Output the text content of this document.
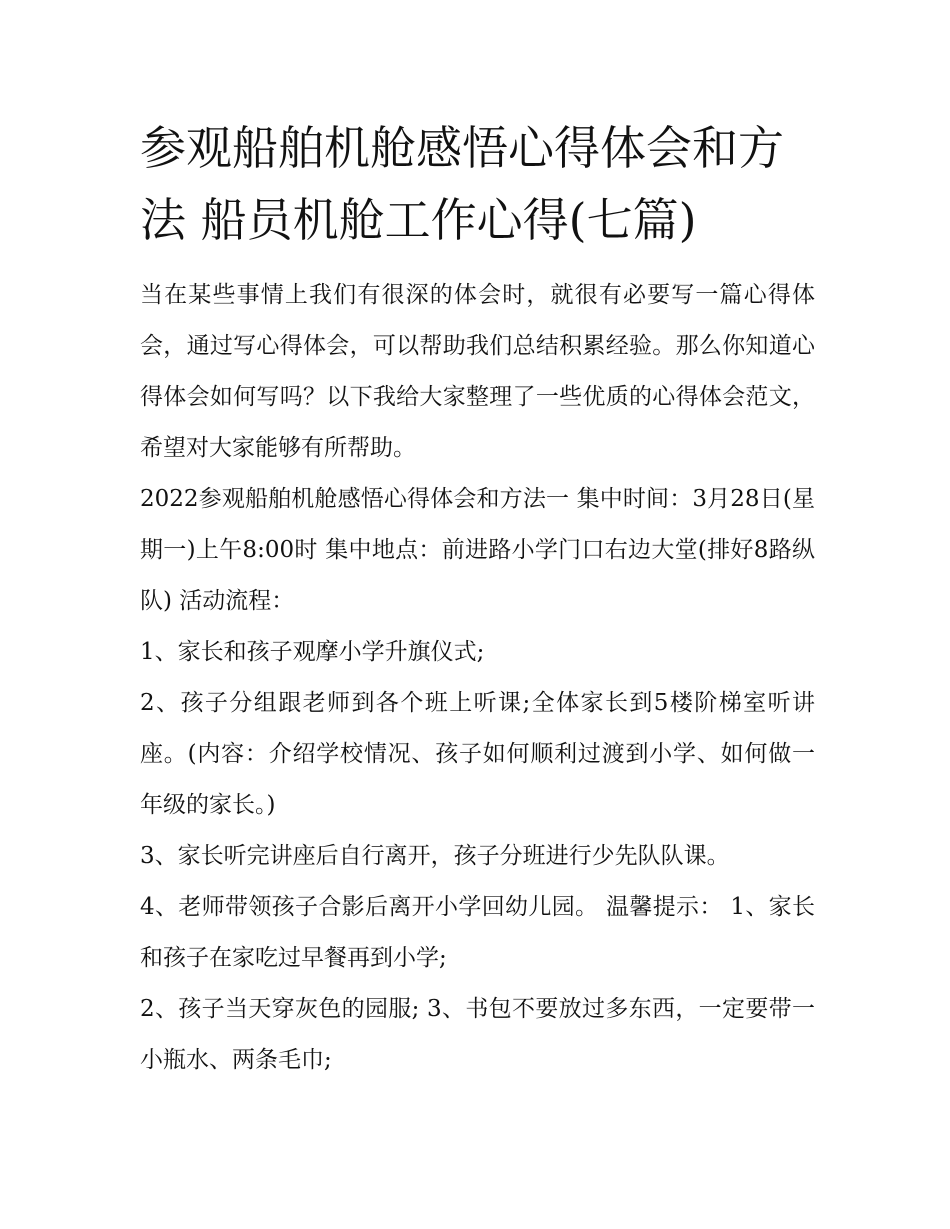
参观船舶机舱感悟心得体会和方法 船员机舱工作心得(七篇)

当在某些事情上我们有很深的体会时，就很有必要写一篇心得体会，通过写心得体会，可以帮助我们总结积累经验。那么你知道心得体会如何写吗？以下我给大家整理了一些优质的心得体会范文，希望对大家能够有所帮助。

2022参观船舶机舱感悟心得体会和方法一 集中时间：3月28日(星期一)上午8:00时 集中地点：前进路小学门口右边大堂(排好8路纵队) 活动流程：

1、家长和孩子观摩小学升旗仪式;

2、孩子分组跟老师到各个班上听课;全体家长到5楼阶梯室听讲座。(内容：介绍学校情况、孩子如何顺利过渡到小学、如何做一年级的家长。)

3、家长听完讲座后自行离开，孩子分班进行少先队队课。

4、老师带领孩子合影后离开小学回幼儿园。 温馨提示： 1、家长和孩子在家吃过早餐再到小学;

2、孩子当天穿灰色的园服; 3、书包不要放过多东西，一定要带一小瓶水、两条毛巾;
